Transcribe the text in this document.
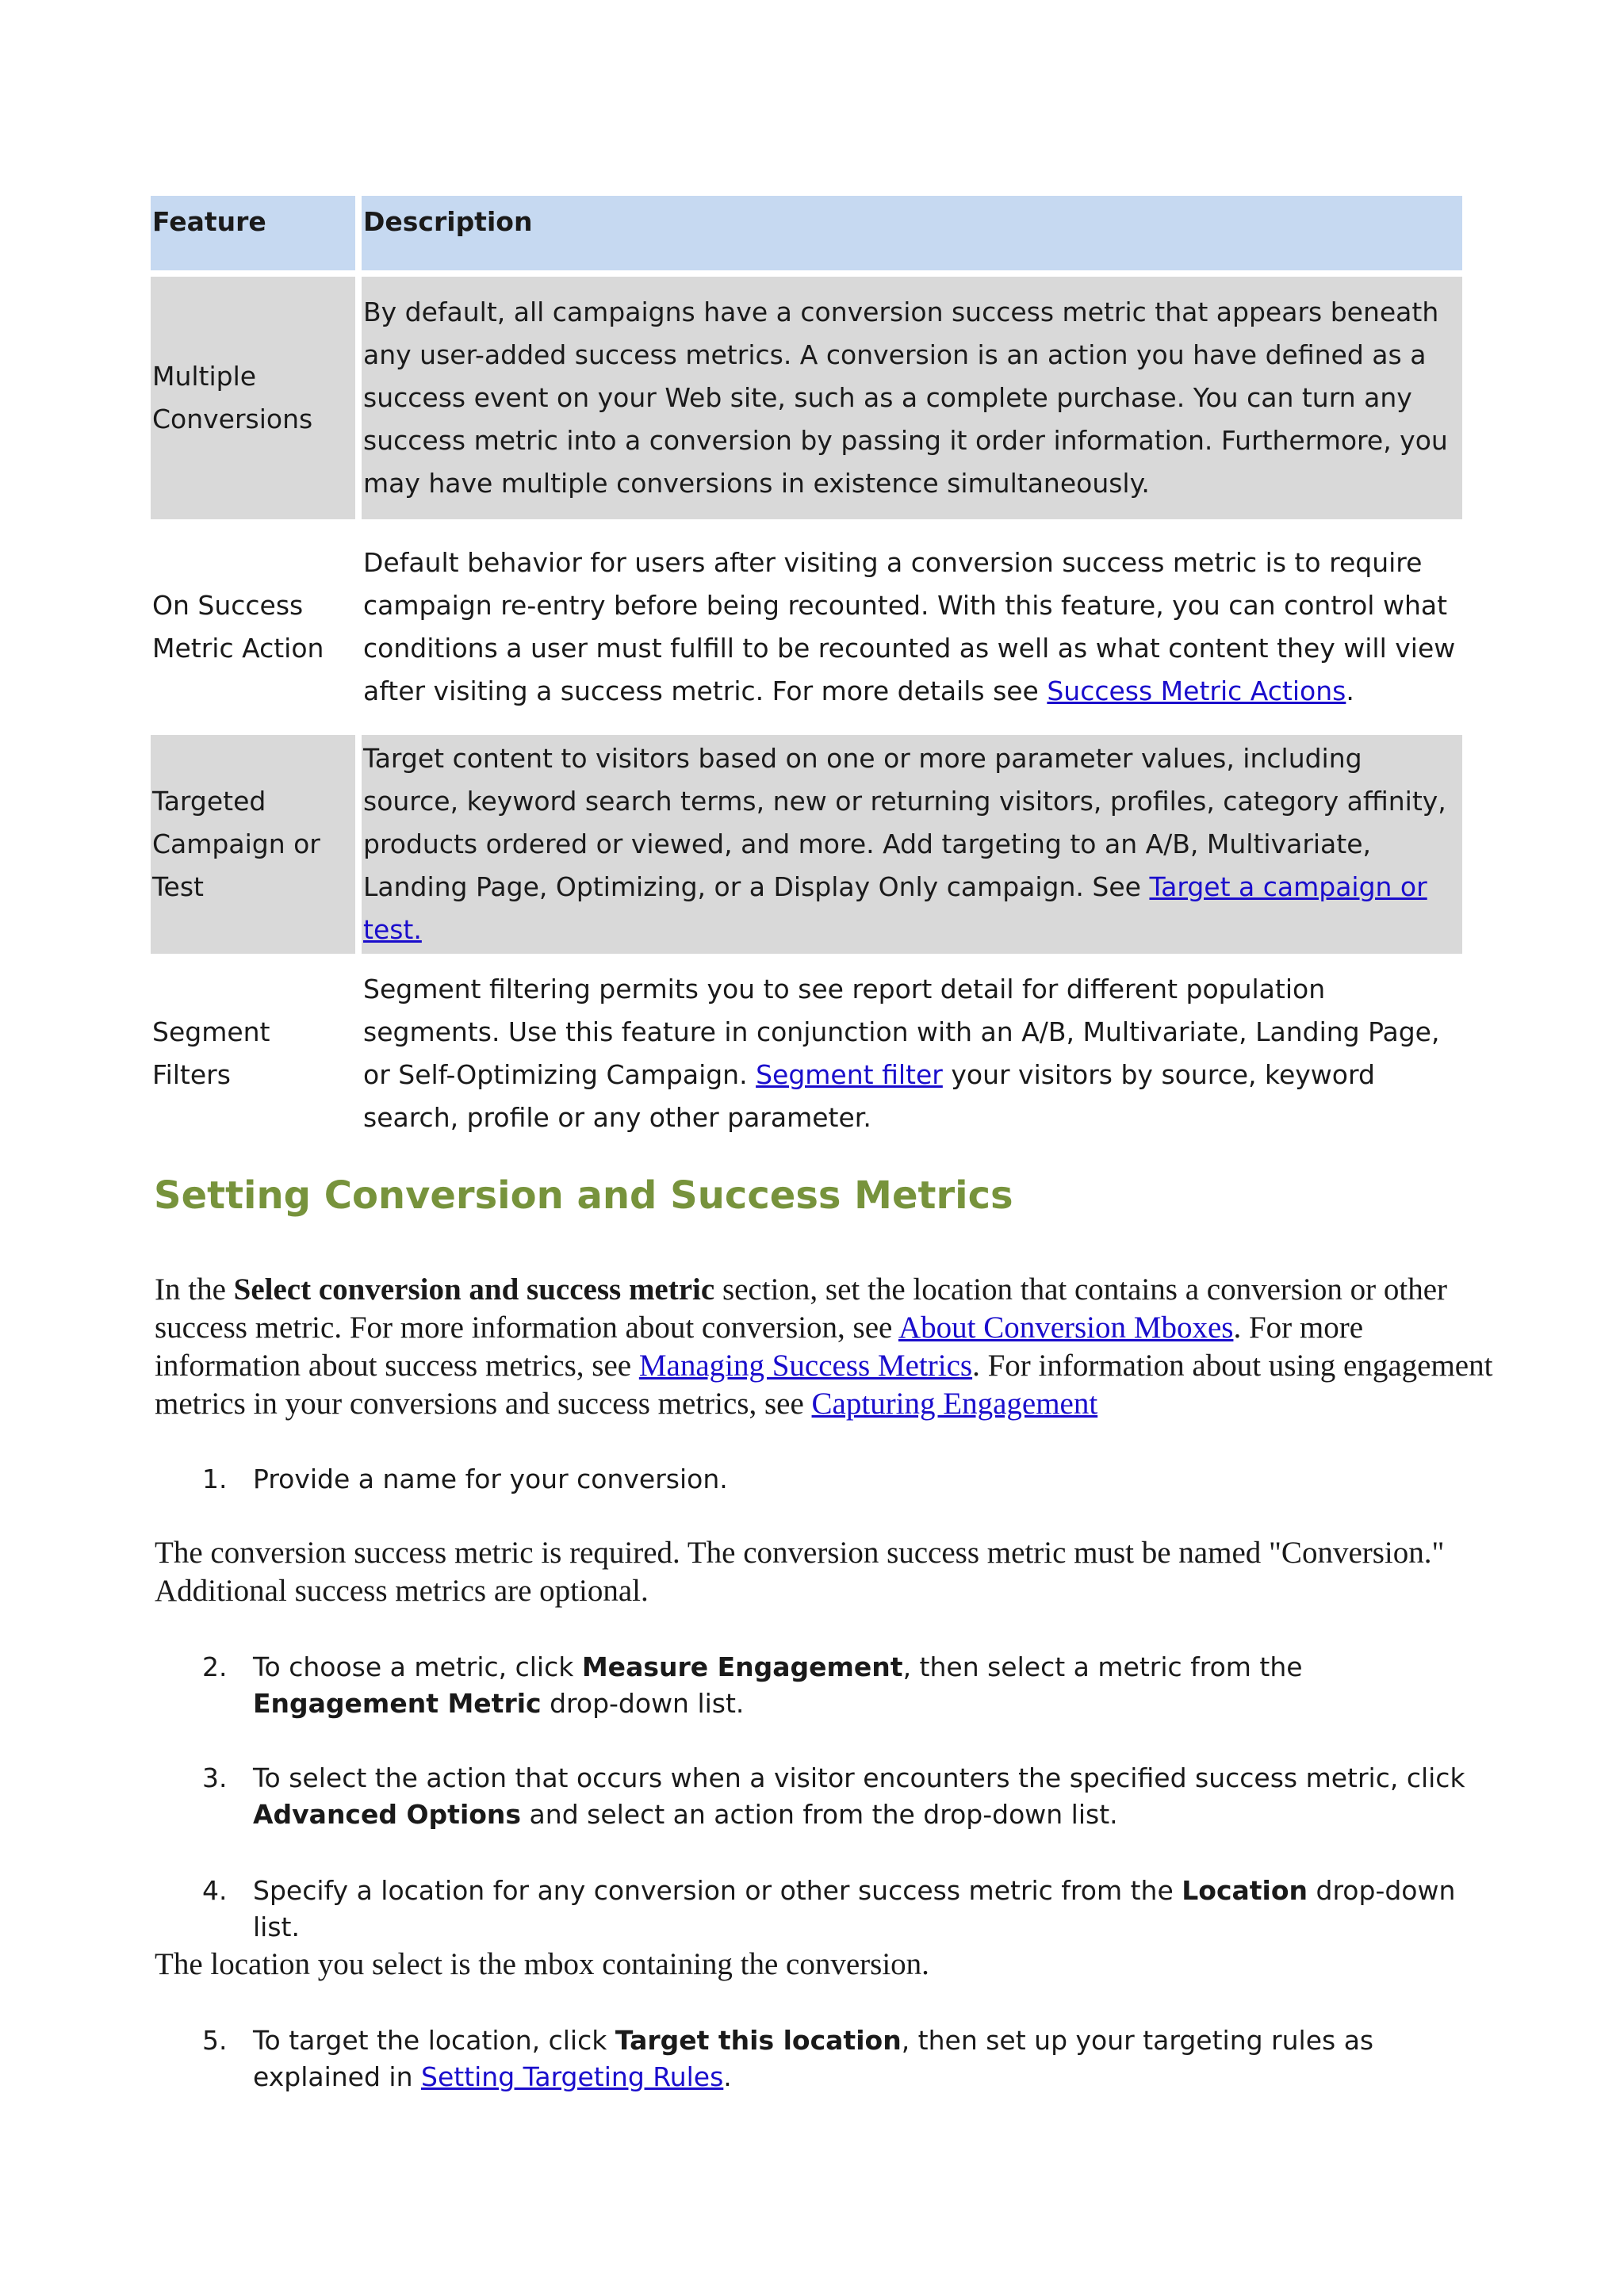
Feature	Description
Multiple Conversions	By default, all campaigns have a conversion success metric that appears beneath any user-added success metrics. A conversion is an action you have defined as a success event on your Web site, such as a complete purchase. You can turn any success metric into a conversion by passing it order information. Furthermore, you may have multiple conversions in existence simultaneously.
On Success Metric Action	Default behavior for users after visiting a conversion success metric is to require campaign re-entry before being recounted. With this feature, you can control what conditions a user must fulfill to be recounted as well as what content they will view after visiting a success metric. For more details see Success Metric Actions.
Targeted Campaign or Test	Target content to visitors based on one or more parameter values, including source, keyword search terms, new or returning visitors, profiles, category affinity, products ordered or viewed, and more. Add targeting to an A/B, Multivariate, Landing Page, Optimizing, or a Display Only campaign. See Target a campaign or test.
Segment Filters	Segment filtering permits you to see report detail for different population segments. Use this feature in conjunction with an A/B, Multivariate, Landing Page, or Self-Optimizing Campaign. Segment filter your visitors by source, keyword search, profile or any other parameter.
Setting Conversion and Success Metrics

In the Select conversion and success metric section, set the location that contains a conversion or other success metric. For more information about conversion, see About Conversion Mboxes. For more information about success metrics, see Managing Success Metrics. For information about using engagement metrics in your conversions and success metrics, see Capturing Engagement

1. Provide a name for your conversion.

The conversion success metric is required. The conversion success metric must be named "Conversion." Additional success metrics are optional.

2. To choose a metric, click Measure Engagement, then select a metric from the Engagement Metric drop-down list.
3. To select the action that occurs when a visitor encounters the specified success metric, click Advanced Options and select an action from the drop-down list.
4. Specify a location for any conversion or other success metric from the Location drop-down list.

The location you select is the mbox containing the conversion.

5. To target the location, click Target this location, then set up your targeting rules as explained in Setting Targeting Rules.
